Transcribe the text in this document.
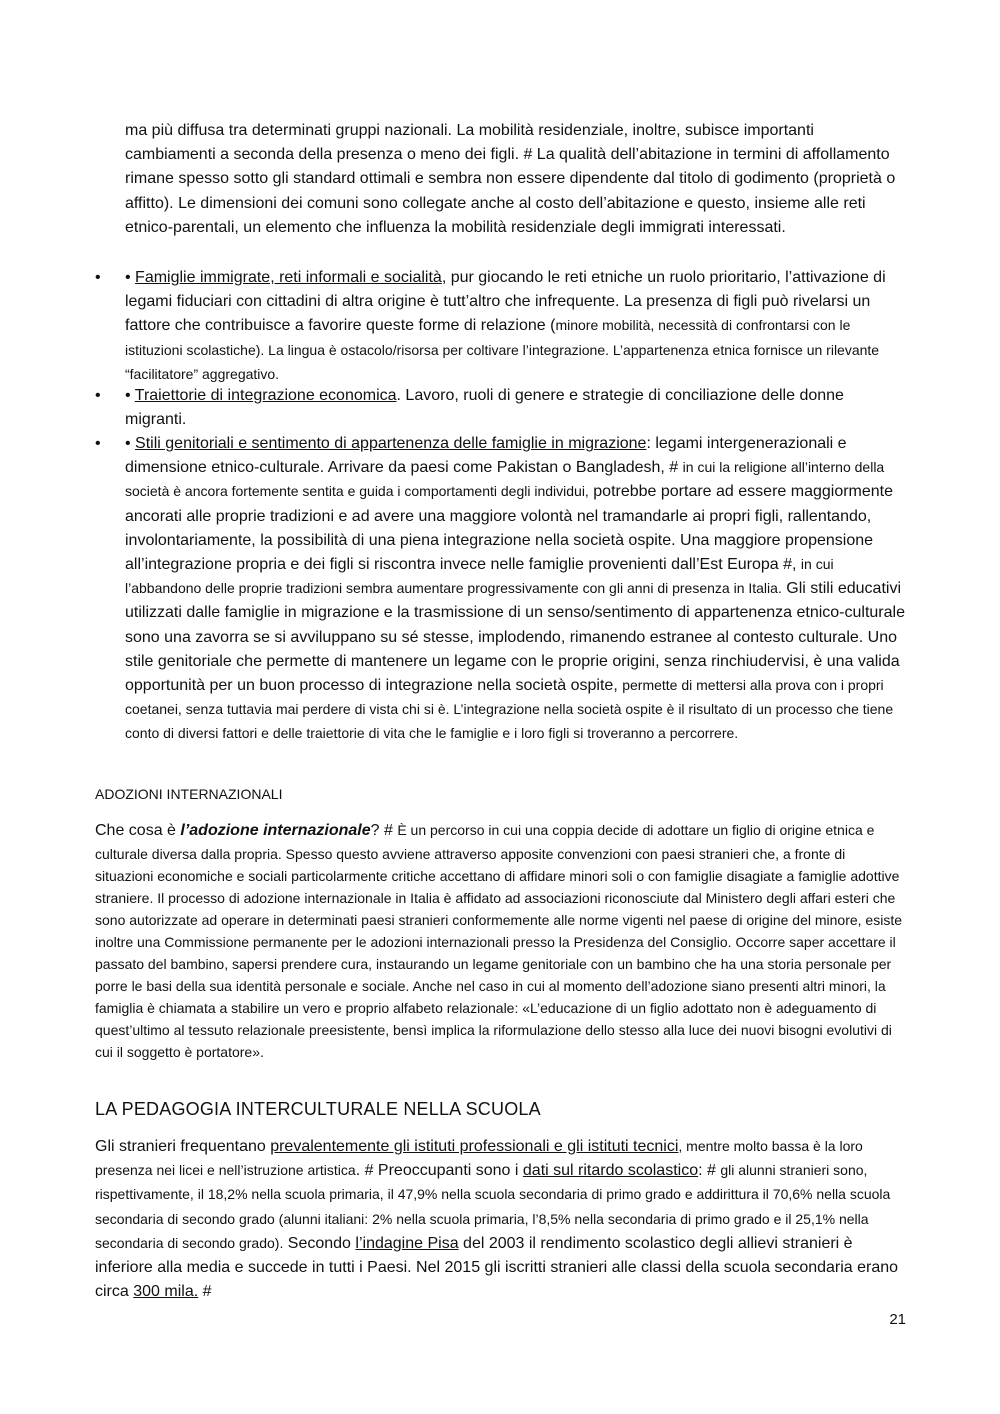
ma più diffusa tra determinati gruppi nazionali. La mobilità residenziale, inoltre, subisce importanti cambiamenti a seconda della presenza o meno dei figli. # La qualità dell’abitazione in termini di affollamento rimane spesso sotto gli standard ottimali e sembra non essere dipendente dal titolo di godimento (proprietà o affitto). Le dimensioni dei comuni sono collegate anche al costo dell’abitazione e questo, insieme alle reti etnico-parentali, un elemento che influenza la mobilità residenziale degli immigrati interessati.

• • Famiglie immigrate, reti informali e socialità, pur giocando le reti etniche un ruolo prioritario, l’attivazione di legami fiduciari con cittadini di altra origine è tutt’altro che infrequente. La presenza di figli può rivelarsi un fattore che contribuisce a favorire queste forme di relazione (minore mobilità, necessità di confrontarsi con le istituzioni scolastiche). La lingua è ostacolo/risorsa per coltivare l’integrazione. L’appartenenza etnica fornisce un rilevante “facilitatore” aggregativo.

• • Traiettorie di integrazione economica. Lavoro, ruoli di genere e strategie di conciliazione delle donne migranti.

• • Stili genitoriali e sentimento di appartenenza delle famiglie in migrazione: legami intergenerazionali e dimensione etnico-culturale. Arrivare da paesi come Pakistan o Bangladesh, # in cui la religione all’interno della società è ancora fortemente sentita e guida i comportamenti degli individui, potrebbe portare ad essere maggiormente ancorati alle proprie tradizioni e ad avere una maggiore volontà nel tramandarle ai propri figli, rallentando, involontariamente, la possibilità di una piena integrazione nella società ospite. Una maggiore propensione all’integrazione propria e dei figli si riscontra invece nelle famiglie provenienti dall’Est Europa #, in cui l’abbandono delle proprie tradizioni sembra aumentare progressivamente con gli anni di presenza in Italia. Gli stili educativi utilizzati dalle famiglie in migrazione e la trasmissione di un senso/sentimento di appartenenza etnico-culturale sono una zavorra se si avviluppano su sé stesse, implodendo, rimanendo estranee al contesto culturale. Uno stile genitoriale che permette di mantenere un legame con le proprie origini, senza rinchiudervisi, è una valida opportunità per un buon processo di integrazione nella società ospite, permette di mettersi alla prova con i propri coetanei, senza tuttavia mai perdere di vista chi si è. L’integrazione nella società ospite è il risultato di un processo che tiene conto di diversi fattori e delle traiettorie di vita che le famiglie e i loro figli si troveranno a percorrere.

ADOZIONI INTERNAZIONALI

Che cosa è l’adozione internazionale? # È un percorso in cui una coppia decide di adottare un figlio di origine etnica e culturale diversa dalla propria. Spesso questo avviene attraverso apposite convenzioni con paesi stranieri che, a fronte di situazioni economiche e sociali particolarmente critiche accettano di affidare minori soli o con famiglie disagiate a famiglie adottive straniere. Il processo di adozione internazionale in Italia è affidato ad associazioni riconosciute dal Ministero degli affari esteri che sono autorizzate ad operare in determinati paesi stranieri conformemente alle norme vigenti nel paese di origine del minore, esiste inoltre una Commissione permanente per le adozioni internazionali presso la Presidenza del Consiglio. Occorre saper accettare il passato del bambino, sapersi prendere cura, instaurando un legame genitoriale con un bambino che ha una storia personale per porre le basi della sua identità personale e sociale. Anche nel caso in cui al momento dell’adozione siano presenti altri minori, la famiglia è chiamata a stabilire un vero e proprio alfabeto relazionale: «L’educazione di un figlio adottato non è adeguamento di quest’ultimo al tessuto relazionale preesistente, bensì implica la riformulazione dello stesso alla luce dei nuovi bisogni evolutivi di cui il soggetto è portatore».

LA PEDAGOGIA INTERCULTURALE NELLA SCUOLA

Gli stranieri frequentano prevalentemente gli istituti professionali e gli istituti tecnici, mentre molto bassa è la loro presenza nei licei e nell’istruzione artistica. # Preoccupanti sono i dati sul ritardo scolastico: # gli alunni stranieri sono, rispettivamente, il 18,2% nella scuola primaria, il 47,9% nella scuola secondaria di primo grado e addirittura il 70,6% nella scuola secondaria di secondo grado (alunni italiani: 2% nella scuola primaria, l’8,5% nella secondaria di primo grado e il 25,1% nella secondaria di secondo grado). Secondo l’indagine Pisa del 2003 il rendimento scolastico degli allievi stranieri è inferiore alla media e succede in tutti i Paesi. Nel 2015 gli iscritti stranieri alle classi della scuola secondaria erano circa 300 mila. #

21
